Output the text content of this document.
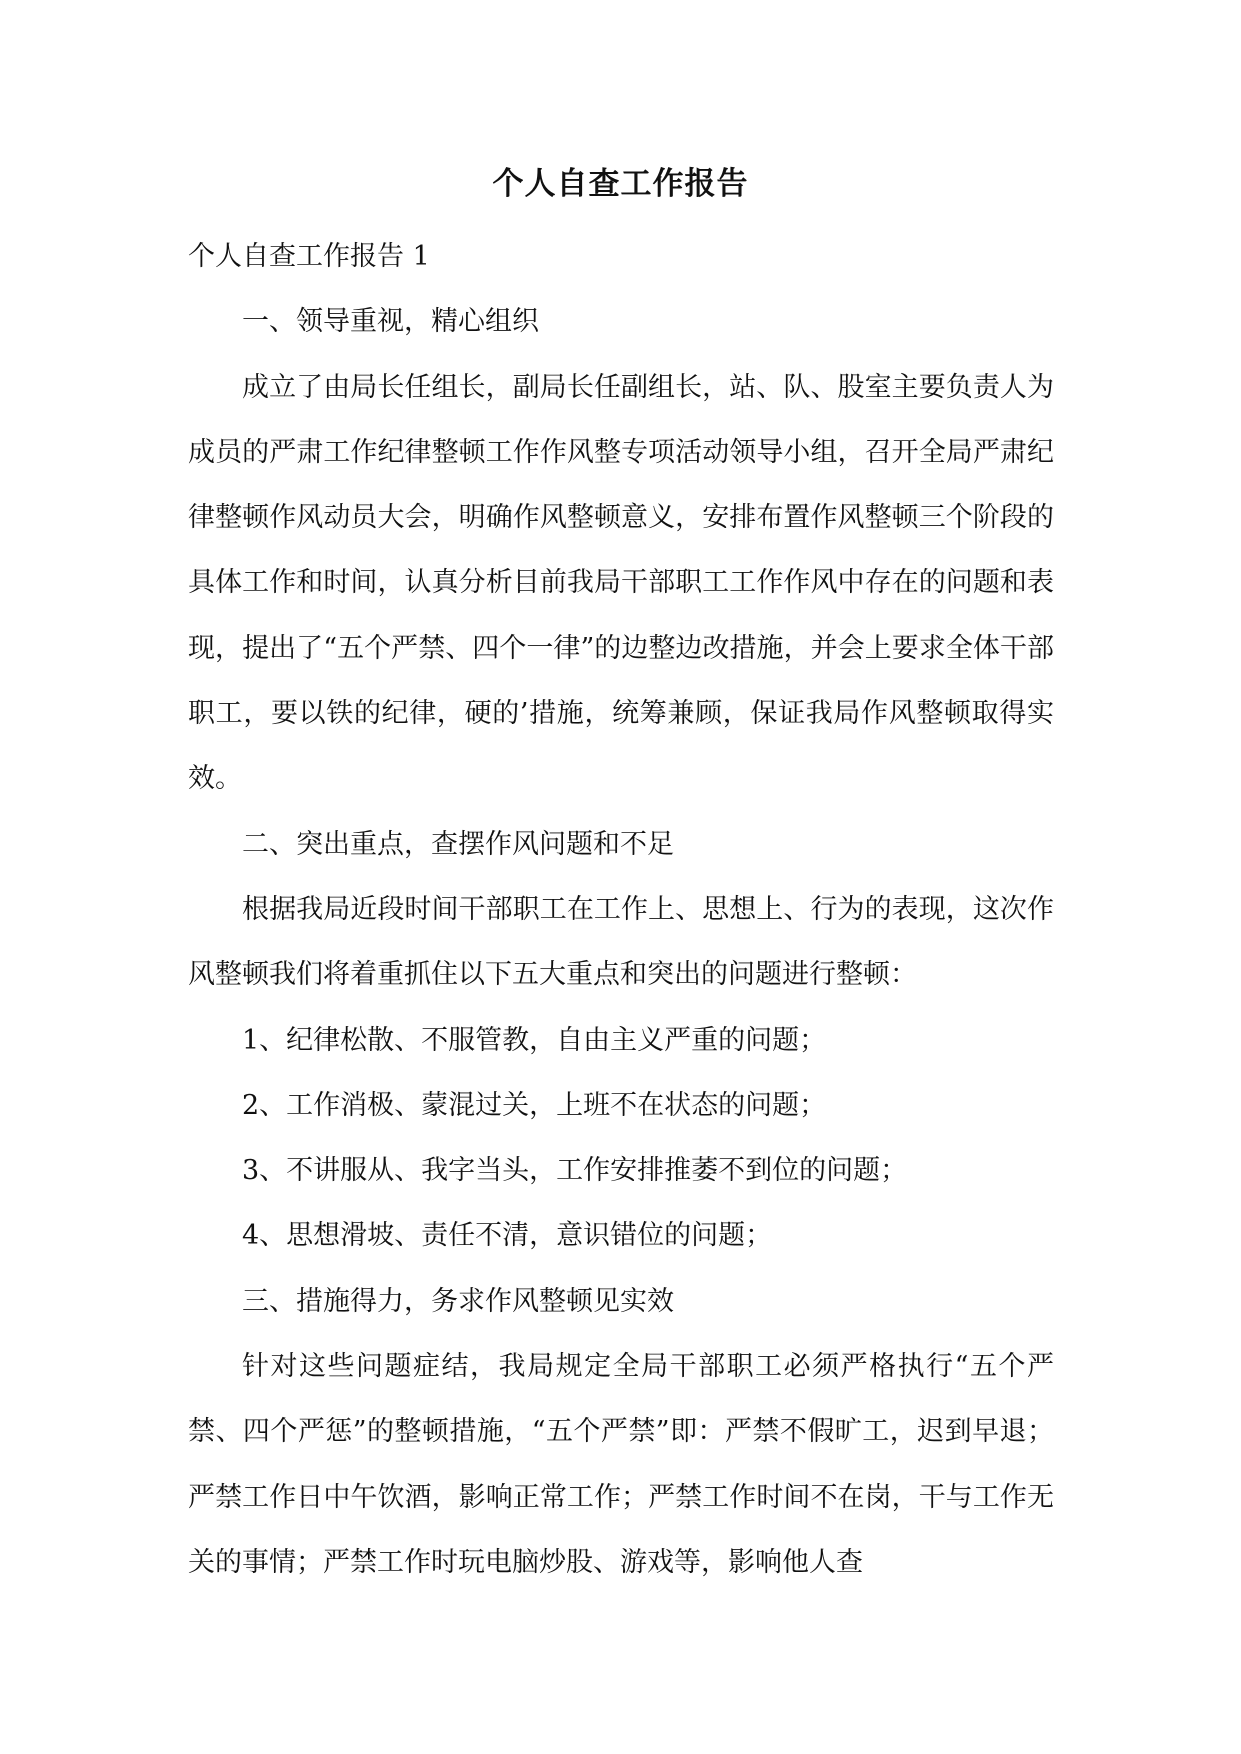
个人自查工作报告

个人自查工作报告 1

一、领导重视，精心组织

成立了由局长任组长，副局长任副组长，站、队、股室主要负责人为成员的严肃工作纪律整顿工作作风整专项活动领导小组，召开全局严肃纪律整顿作风动员大会，明确作风整顿意义，安排布置作风整顿三个阶段的具体工作和时间，认真分析目前我局干部职工工作作风中存在的问题和表现，提出了“五个严禁、四个一律”的边整边改措施，并会上要求全体干部职工，要以铁的纪律，硬的’措施，统筹兼顾，保证我局作风整顿取得实效。

二、突出重点，查摆作风问题和不足

根据我局近段时间干部职工在工作上、思想上、行为的表现，这次作风整顿我们将着重抓住以下五大重点和突出的问题进行整顿：

1、纪律松散、不服管教，自由主义严重的问题；

2、工作消极、蒙混过关，上班不在状态的问题；

3、不讲服从、我字当头，工作安排推萎不到位的问题；

4、思想滑坡、责任不清，意识错位的问题；

三、措施得力，务求作风整顿见实效

针对这些问题症结，我局规定全局干部职工必须严格执行“五个严禁、四个严惩”的整顿措施，“五个严禁”即：严禁不假旷工，迟到早退；严禁工作日中午饮酒，影响正常工作；严禁工作时间不在岗，干与工作无关的事情；严禁工作时玩电脑炒股、游戏等，影响他人查
